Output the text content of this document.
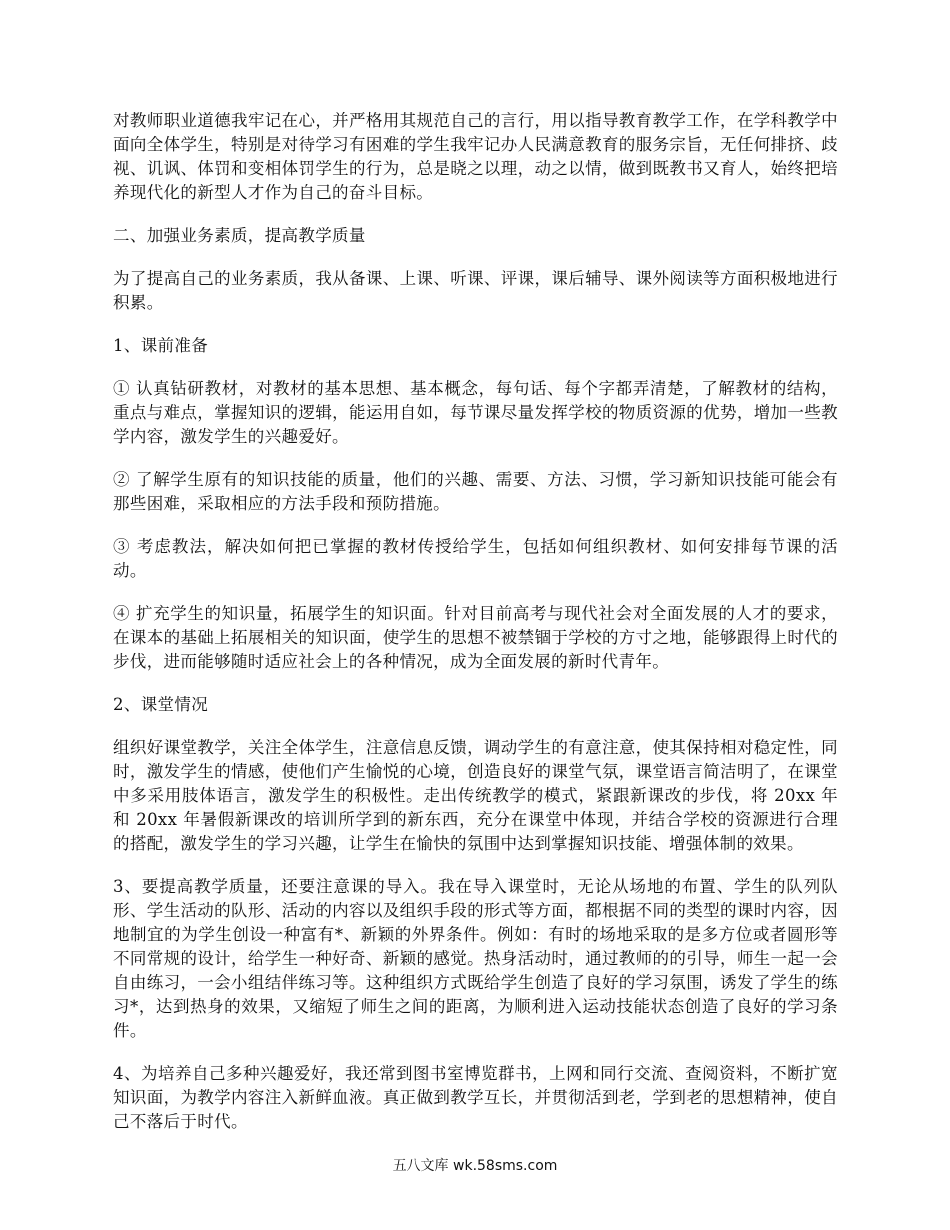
对教师职业道德我牢记在心，并严格用其规范自己的言行，用以指导教育教学工作，在学科教学中面向全体学生，特别是对待学习有困难的学生我牢记办人民满意教育的服务宗旨，无任何排挤、歧视、讥讽、体罚和变相体罚学生的行为，总是晓之以理，动之以情，做到既教书又育人，始终把培养现代化的新型人才作为自己的奋斗目标。

二、加强业务素质，提高教学质量

为了提高自己的业务素质，我从备课、上课、听课、评课，课后辅导、课外阅读等方面积极地进行积累。

1、课前准备

① 认真钻研教材，对教材的基本思想、基本概念，每句话、每个字都弄清楚，了解教材的结构，重点与难点，掌握知识的逻辑，能运用自如，每节课尽量发挥学校的物质资源的优势，增加一些教学内容，激发学生的兴趣爱好。

② 了解学生原有的知识技能的质量，他们的兴趣、需要、方法、习惯，学习新知识技能可能会有那些困难，采取相应的方法手段和预防措施。

③ 考虑教法，解决如何把已掌握的教材传授给学生，包括如何组织教材、如何安排每节课的活动。

④ 扩充学生的知识量，拓展学生的知识面。针对目前高考与现代社会对全面发展的人才的要求，在课本的基础上拓展相关的知识面，使学生的思想不被禁锢于学校的方寸之地，能够跟得上时代的步伐，进而能够随时适应社会上的各种情况，成为全面发展的新时代青年。

2、课堂情况

组织好课堂教学，关注全体学生，注意信息反馈，调动学生的有意注意，使其保持相对稳定性，同时，激发学生的情感，使他们产生愉悦的心境，创造良好的课堂气氛，课堂语言简洁明了，在课堂中多采用肢体语言，激发学生的积极性。走出传统教学的模式，紧跟新课改的步伐，将 20xx 年和 20xx 年暑假新课改的培训所学到的新东西，充分在课堂中体现，并结合学校的资源进行合理的搭配，激发学生的学习兴趣，让学生在愉快的氛围中达到掌握知识技能、增强体制的效果。

3、要提高教学质量，还要注意课的导入。我在导入课堂时，无论从场地的布置、学生的队列队形、学生活动的队形、活动的内容以及组织手段的形式等方面，都根据不同的类型的课时内容，因地制宜的为学生创设一种富有*、新颖的外界条件。例如：有时的场地采取的是多方位或者圆形等不同常规的设计，给学生一种好奇、新颖的感觉。热身活动时，通过教师的的引导，师生一起一会自由练习，一会小组结伴练习等。这种组织方式既给学生创造了良好的学习氛围，诱发了学生的练习*，达到热身的效果，又缩短了师生之间的距离，为顺利进入运动技能状态创造了良好的学习条件。

4、为培养自己多种兴趣爱好，我还常到图书室博览群书，上网和同行交流、查阅资料，不断扩宽知识面，为教学内容注入新鲜血液。真正做到教学互长，并贯彻活到老，学到老的思想精神，使自己不落后于时代。

五八文库 wk.58sms.com
